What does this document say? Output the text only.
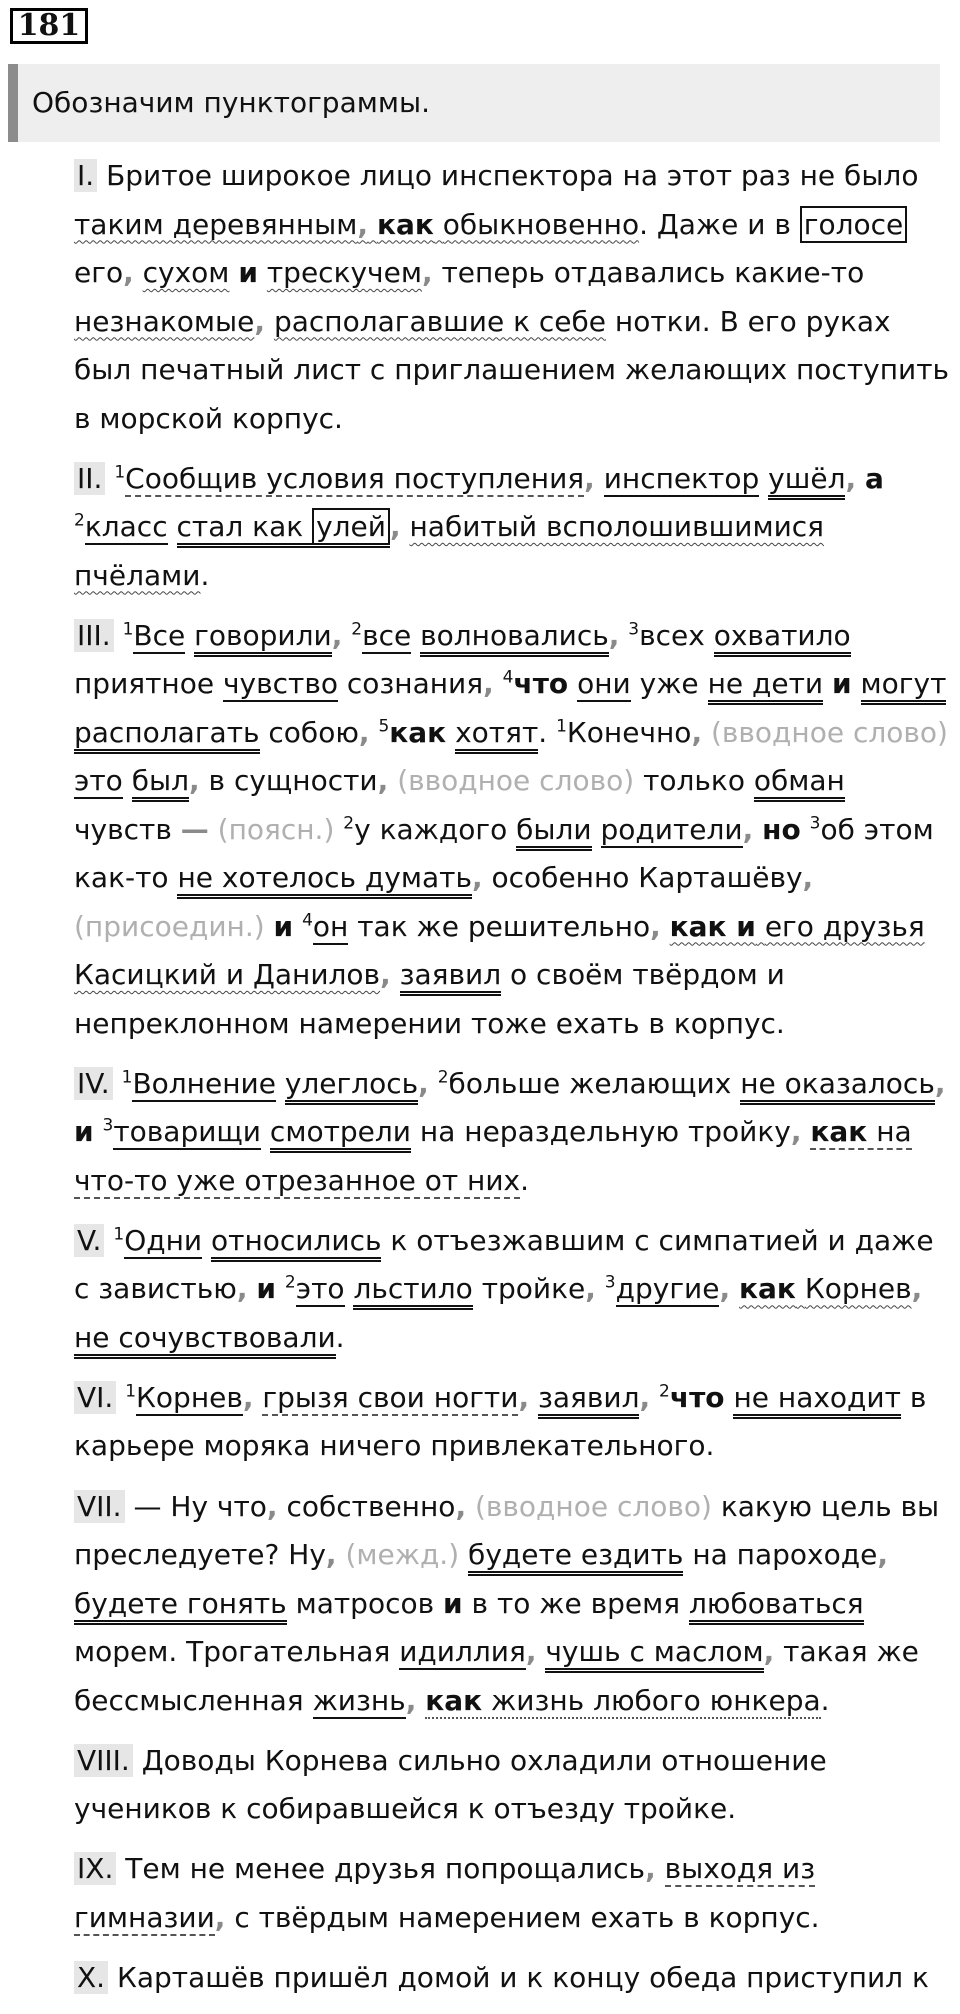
181
Обозначим пунктограммы.

I. Бритое широкое лицо инспектора на этот раз не было таким деревянным, как обыкновенно. Даже и в голосе его, сухом и трескучем, теперь отдавались какие-то незнакомые, располагавшие к себе нотки. В его руках был печатный лист с приглашением желающих поступить в морской корпус.

II. $^1$Сообщив условия поступления, инспектор ушёл, а $^2$класс стал как улей , набитый всполошившимися пчёлами.

III. $^1$Все говорили, $^2$все волновались, $^3$всех охватило приятное чувство сознания, $^4$что они уже не дети и могут располагать собою, $^5$как хотят. $^1$Конечно, (вводное слово) это был, в сущности, (вводное слово) только обман чувств — (поясн.) $^2$у каждого были родители, но $^3$об этом как-то не хотелось думать, особенно Карташёву, (присоедин.) и $^4$он так же решительно, как и его друзья Касицкий и Данилов, заявил о своём твёрдом и непреклонном намерении тоже ехать в корпус.

IV. $^1$Волнение улеглось, $^2$больше желающих не оказалось, и $^3$товарищи смотрели на нераздельную тройку, как на что-то уже отрезанное от них.

V. $^1$Одни относились к отъезжавшим с симпатией и даже с завистью, и $^2$это льстило тройке, $^3$другие, как Корнев, не сочувствовали.

VI. $^1$Корнев, грызя свои ногти, заявил, $^2$что не находит в карьере моряка ничего привлекательного.

VII. — Ну что, собственно, (вводное слово) какую цель вы преследуете? Ну, (межд.) будете ездить на пароходе, будете гонять матросов и в то же время любоваться морем. Трогательная идиллия, чушь с маслом, такая же бессмысленная жизнь, как жизнь любого юнкера.

VIII. Доводы Корнева сильно охладили отношение учеников к собиравшейся к отъезду тройке.

IX. Тем не менее друзья попрощались, выходя из гимназии, с твёрдым намерением ехать в корпус.

X. Карташёв пришёл домой и к концу обеда приступил к
